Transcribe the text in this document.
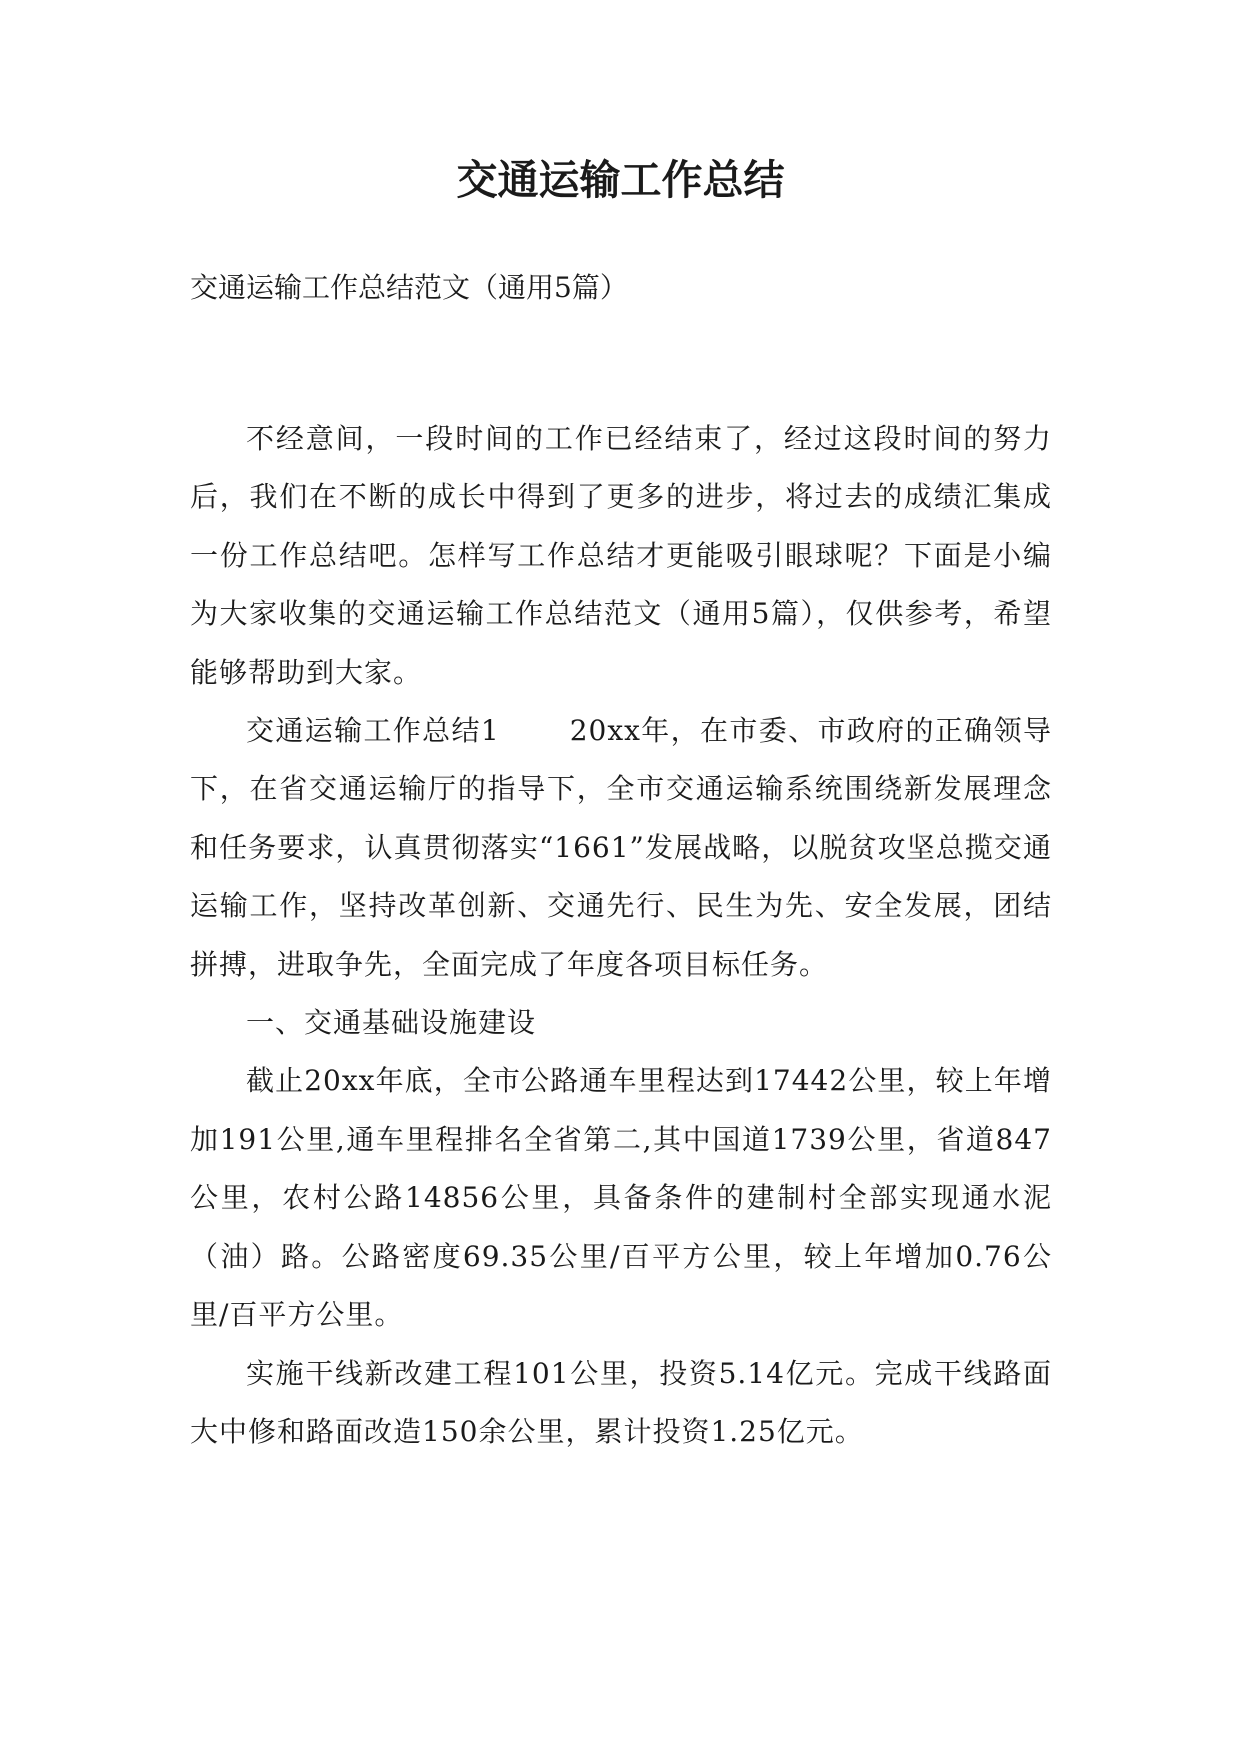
交通运输工作总结

交通运输工作总结范文（通用5篇）

不经意间，一段时间的工作已经结束了，经过这段时间的努力后，我们在不断的成长中得到了更多的进步，将过去的成绩汇集成一份工作总结吧。怎样写工作总结才更能吸引眼球呢？下面是小编为大家收集的交通运输工作总结范文（通用5篇），仅供参考，希望能够帮助到大家。

交通运输工作总结1	20xx年，在市委、市政府的正确领导下，在省交通运输厅的指导下，全市交通运输系统围绕新发展理念和任务要求，认真贯彻落实“1661”发展战略，以脱贫攻坚总揽交通运输工作，坚持改革创新、交通先行、民生为先、安全发展，团结拼搏，进取争先，全面完成了年度各项目标任务。

一、交通基础设施建设

截止20xx年底，全市公路通车里程达到17442公里，较上年增加191公里,通车里程排名全省第二,其中国道1739公里，省道847公里，农村公路14856公里，具备条件的建制村全部实现通水泥（油）路。公路密度69.35公里/百平方公里，较上年增加0.76公里/百平方公里。

实施干线新改建工程101公里，投资5.14亿元。完成干线路面大中修和路面改造150余公里，累计投资1.25亿元。
